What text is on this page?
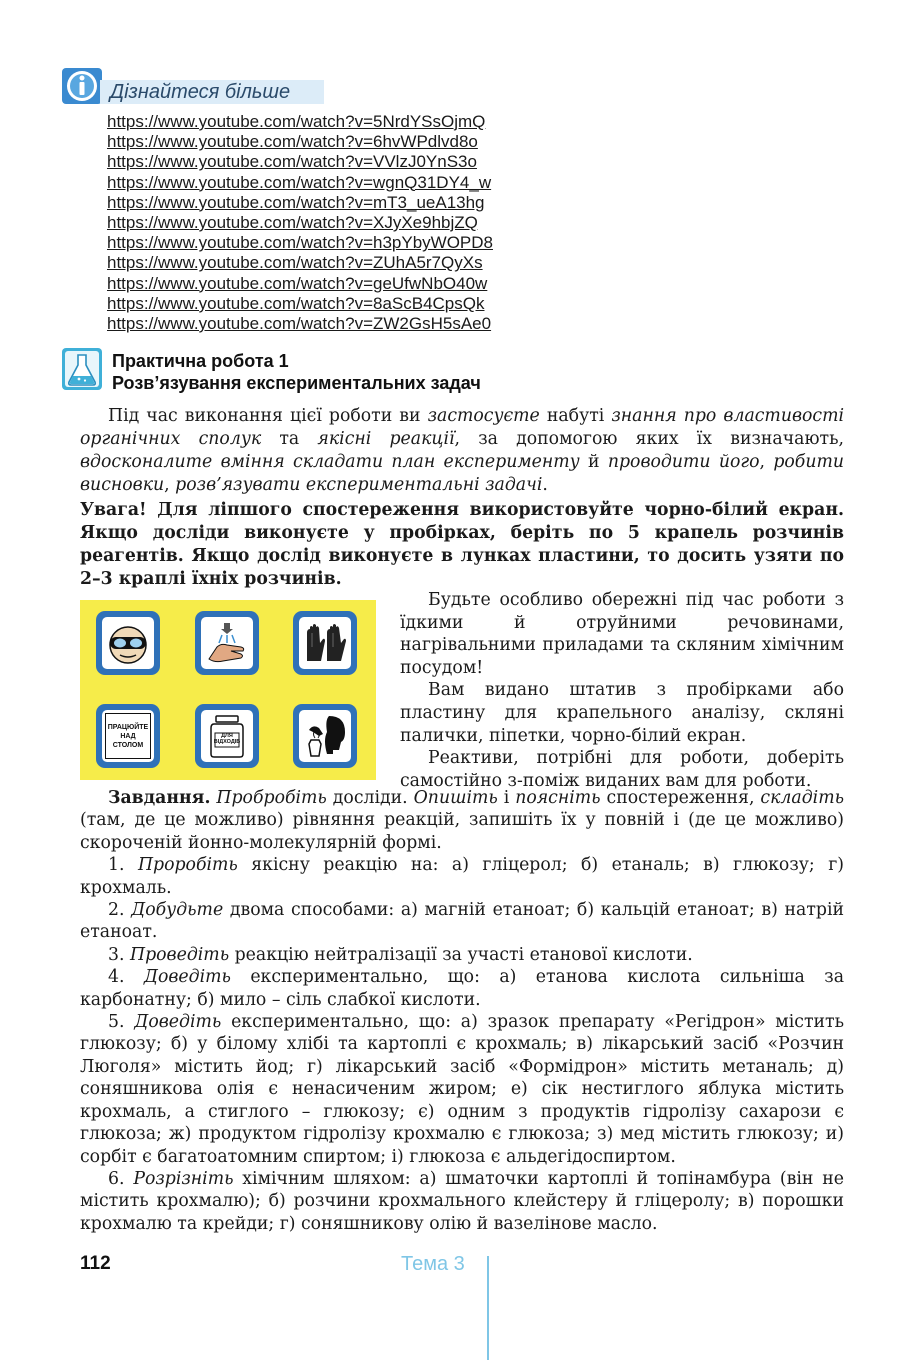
Дізнайтеся більше
https://www.youtube.com/watch?v=5NrdYSsOjmQ
https://www.youtube.com/watch?v=6hvWPdlvd8o
https://www.youtube.com/watch?v=VVlzJ0YnS3o
https://www.youtube.com/watch?v=wgnQ31DY4_w
https://www.youtube.com/watch?v=mT3_ueA13hg
https://www.youtube.com/watch?v=XJyXe9hbjZQ
https://www.youtube.com/watch?v=h3pYbyWOPD8
https://www.youtube.com/watch?v=ZUhA5r7QyXs
https://www.youtube.com/watch?v=geUfwNbO40w
https://www.youtube.com/watch?v=8aScB4CpsQk
https://www.youtube.com/watch?v=ZW2GsH5sAe0
Практична робота 1
Розв’язування експериментальних задач

Під час виконання цієї роботи ви застосуєте набуті знання про властивості органічних сполук та якісні реакції, за допомогою яких їх визначають, вдосконалите вміння складати план експерименту й проводити його, робити висновки, розв’язувати експериментальні задачі.

Увага! Для ліпшого спостереження використовуйте чорно-білий екран. Якщо досліди виконуєте у пробірках, беріть по 5 крапель розчинів реагентів. Якщо дослід виконуєте в лунках пластини, то досить узяти по 2–3 краплі їхніх розчинів.

ПРАЦЮЙТЕ
НАД
СТОЛОМ
ДЛЯ
ВІДХОДІВ

Будьте особливо обережні під час роботи з їдкими й отруйними речовинами, нагрівальними приладами та скляним хімічним посудом!

Вам видано штатив з пробірками або пластину для крапельного аналізу, скляні палички, піпетки, чорно-білий екран.

Реактиви, потрібні для роботи, доберіть самостійно з-поміж виданих вам для роботи.

Завдання. Пробробіть досліди. Опишіть і поясніть спостереження, складіть (там, де це можливо) рівняння реакцій, запишіть їх у повній і (де це можливо) скороченій йонно-молекулярній формі.

1. Проробіть якісну реакцію на: а) гліцерол; б) етаналь; в) глюкозу; г) крохмаль.

2. Добудьте двома способами: а) магній етаноат; б) кальцій етаноат; в) натрій етаноат.

3. Проведіть реакцію нейтралізації за участі етанової кислоти.

4. Доведіть експериментально, що: а) етанова кислота сильніша за карбонатну; б) мило – сіль слабкої кислоти.

5. Доведіть експериментально, що: а) зразок препарату «Регідрон» містить глюкозу; б) у білому хлібі та картоплі є крохмаль; в) лікарський засіб «Розчин Люголя» містить йод; г) лікарський засіб «Формідрон» містить метаналь; д) соняшникова олія є ненасиченим жиром; е) сік нестиглого яблука містить крохмаль, а стиглого – глюкозу; є) одним з продуктів гідролізу сахарози є глюкоза; ж) продуктом гідролізу крохмалю є глюкоза; з) мед містить глюкозу; и) сорбіт є багатоатомним спиртом; і) глюкоза є альдегідоспиртом.

6. Розрізніть хімічним шляхом: а) шматочки картоплі й топінамбура (він не містить крохмалю); б) розчини крохмального клейстеру й гліцеролу; в) порошки крохмалю та крейди; г) соняшникову олію й вазелінове масло.

112	Тема 3
